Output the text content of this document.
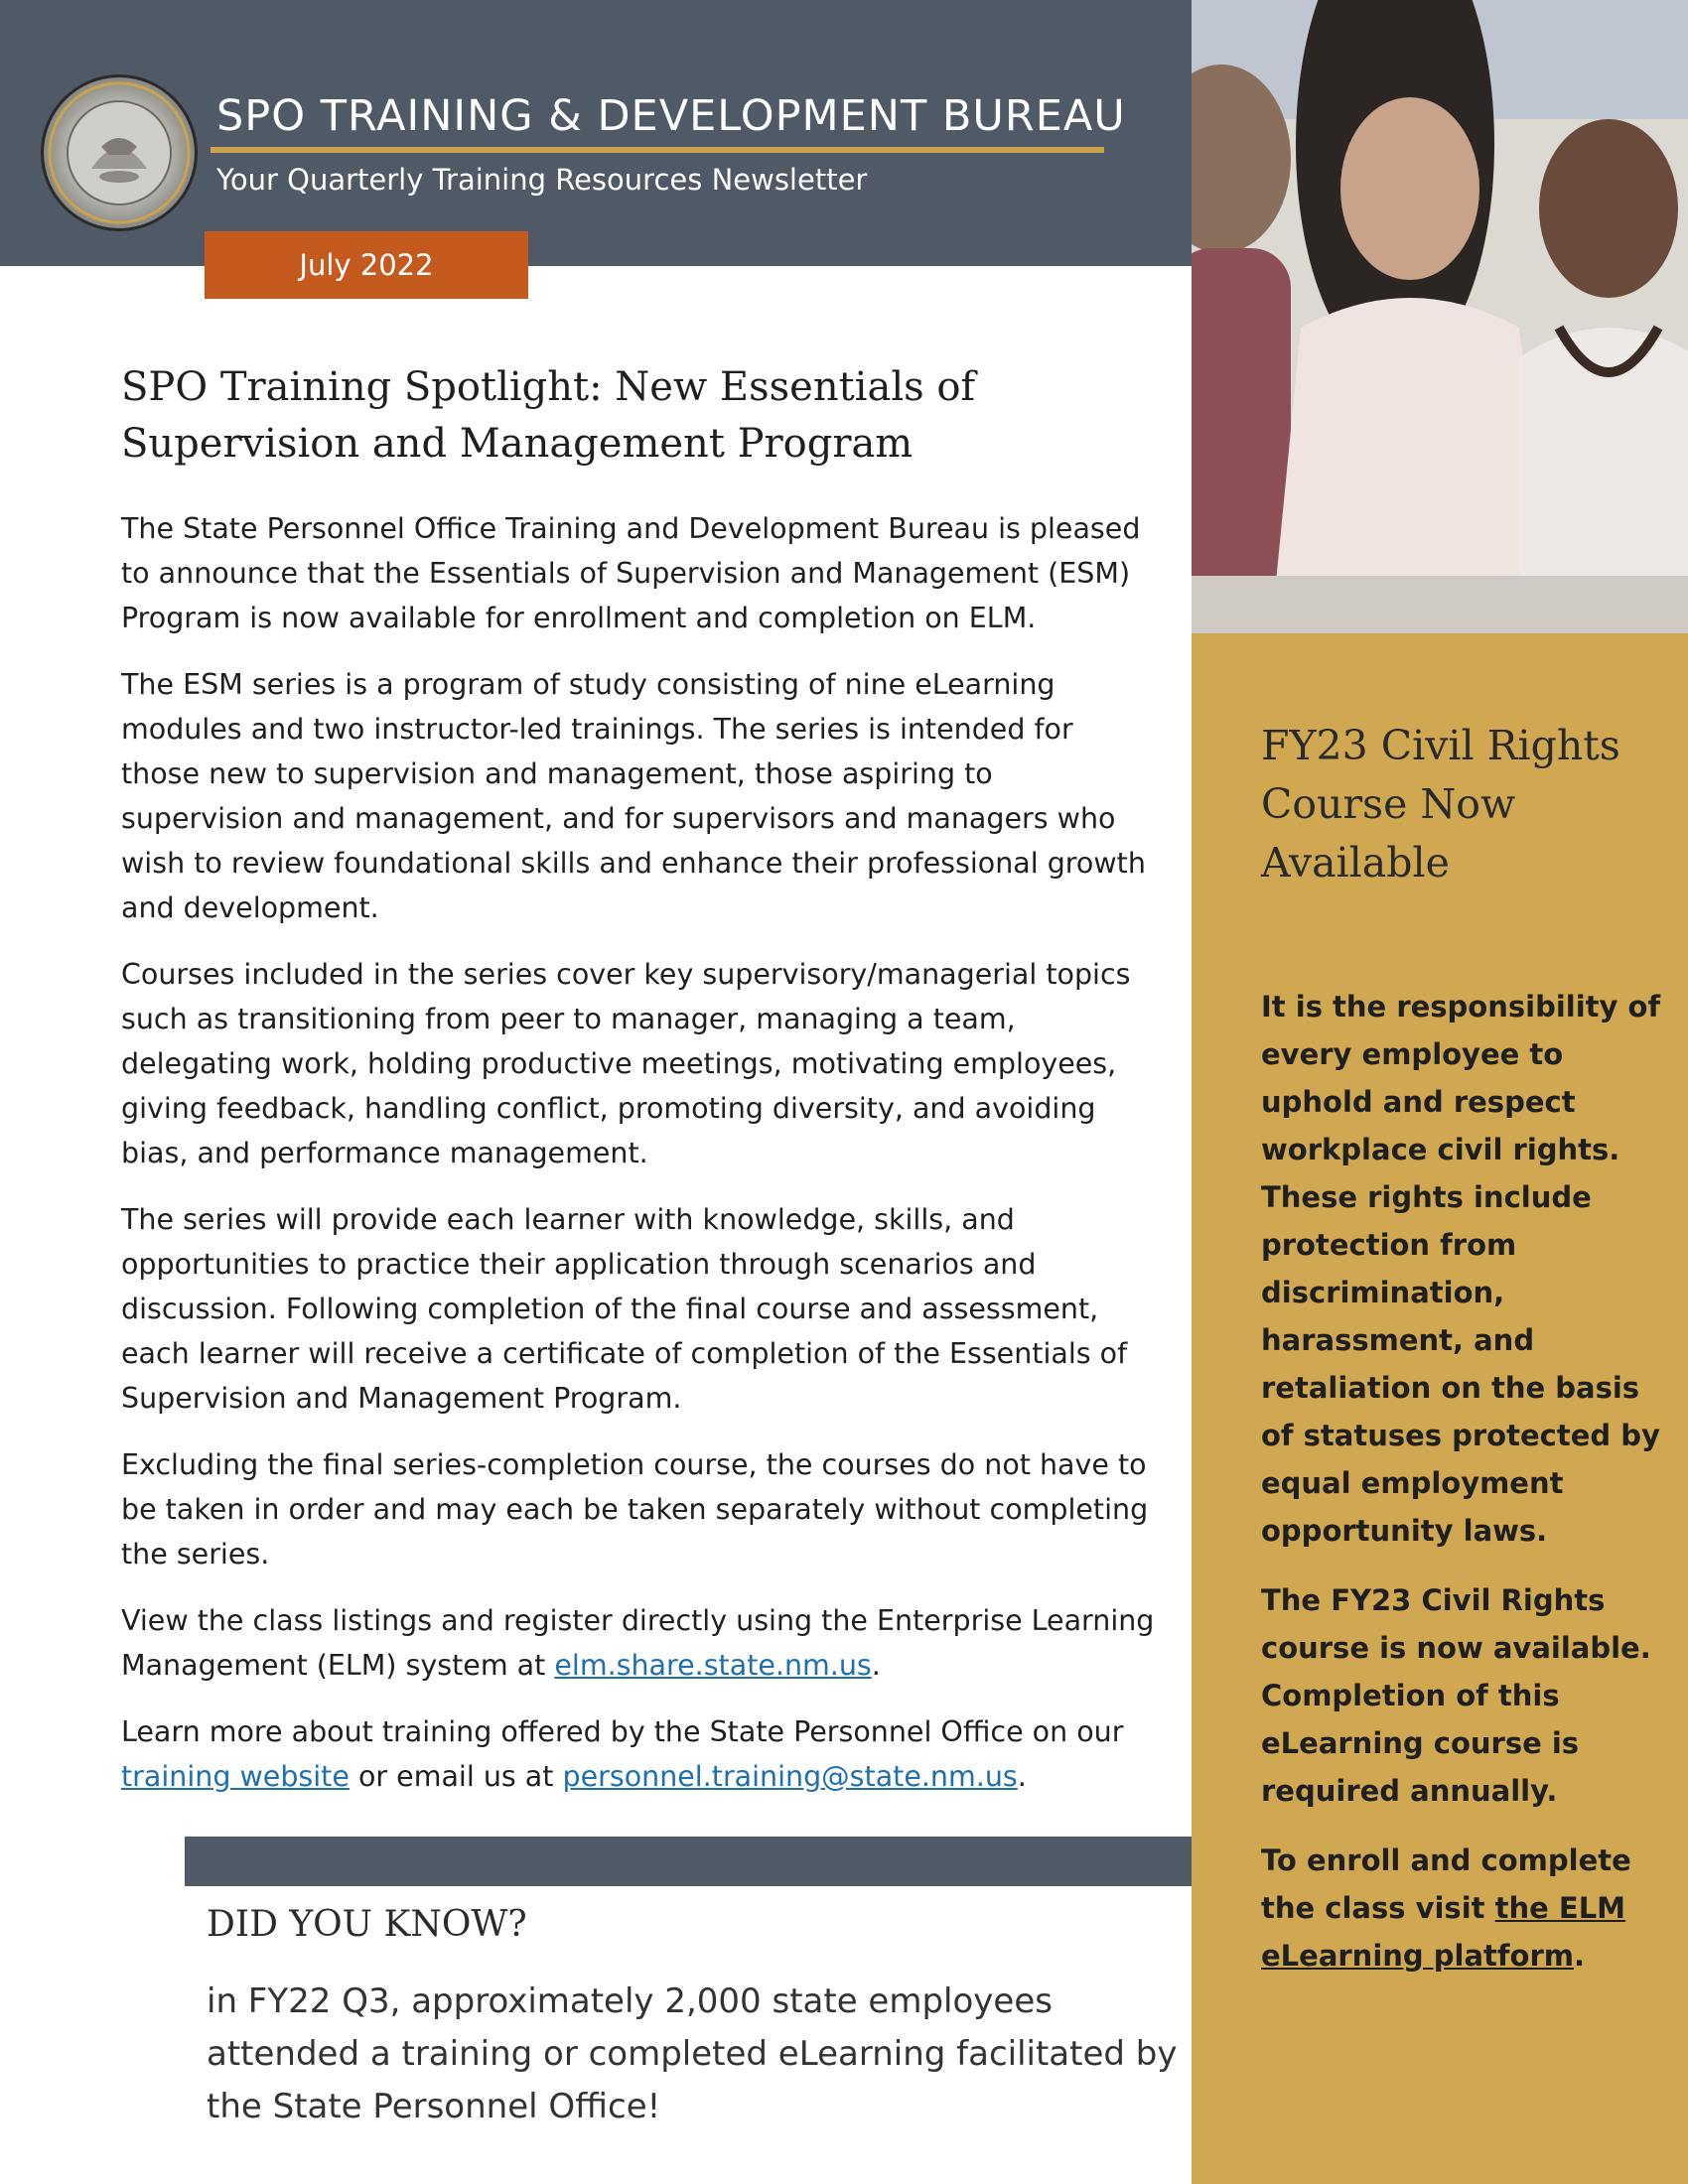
SPO TRAINING & DEVELOPMENT BUREAU
Your Quarterly Training Resources Newsletter
July 2022
SPO Training Spotlight: New Essentials of
Supervision and Management Program

The State Personnel Office Training and Development Bureau is pleased to announce that the Essentials of Supervision and Management (ESM) Program is now available for enrollment and completion on ELM.

The ESM series is a program of study consisting of nine eLearning modules and two instructor-led trainings. The series is intended for those new to supervision and management, those aspiring to supervision and management, and for supervisors and managers who wish to review foundational skills and enhance their professional growth and development.

Courses included in the series cover key supervisory/managerial topics such as transitioning from peer to manager, managing a team, delegating work, holding productive meetings, motivating employees, giving feedback, handling conflict, promoting diversity, and avoiding bias, and performance management.

The series will provide each learner with knowledge, skills, and opportunities to practice their application through scenarios and discussion. Following completion of the final course and assessment, each learner will receive a certificate of completion of the Essentials of Supervision and Management Program.

Excluding the final series-completion course, the courses do not have to be taken in order and may each be taken separately without completing the series.

View the class listings and register directly using the Enterprise Learning Management (ELM) system at elm.share.state.nm.us.

Learn more about training offered by the State Personnel Office on our training website or email us at personnel.training@state.nm.us.

DID YOU KNOW?
in FY22 Q3, approximately 2,000 state employees attended a training or completed eLearning facilitated by the State Personnel Office!
FY23 Civil Rights Course Now Available

It is the responsibility of every employee to uphold and respect workplace civil rights. These rights include protection from discrimination, harassment, and retaliation on the basis of statuses protected by equal employment opportunity laws.

The FY23 Civil Rights course is now available. Completion of this eLearning course is required annually.

To enroll and complete the class visit the ELM eLearning platform.
